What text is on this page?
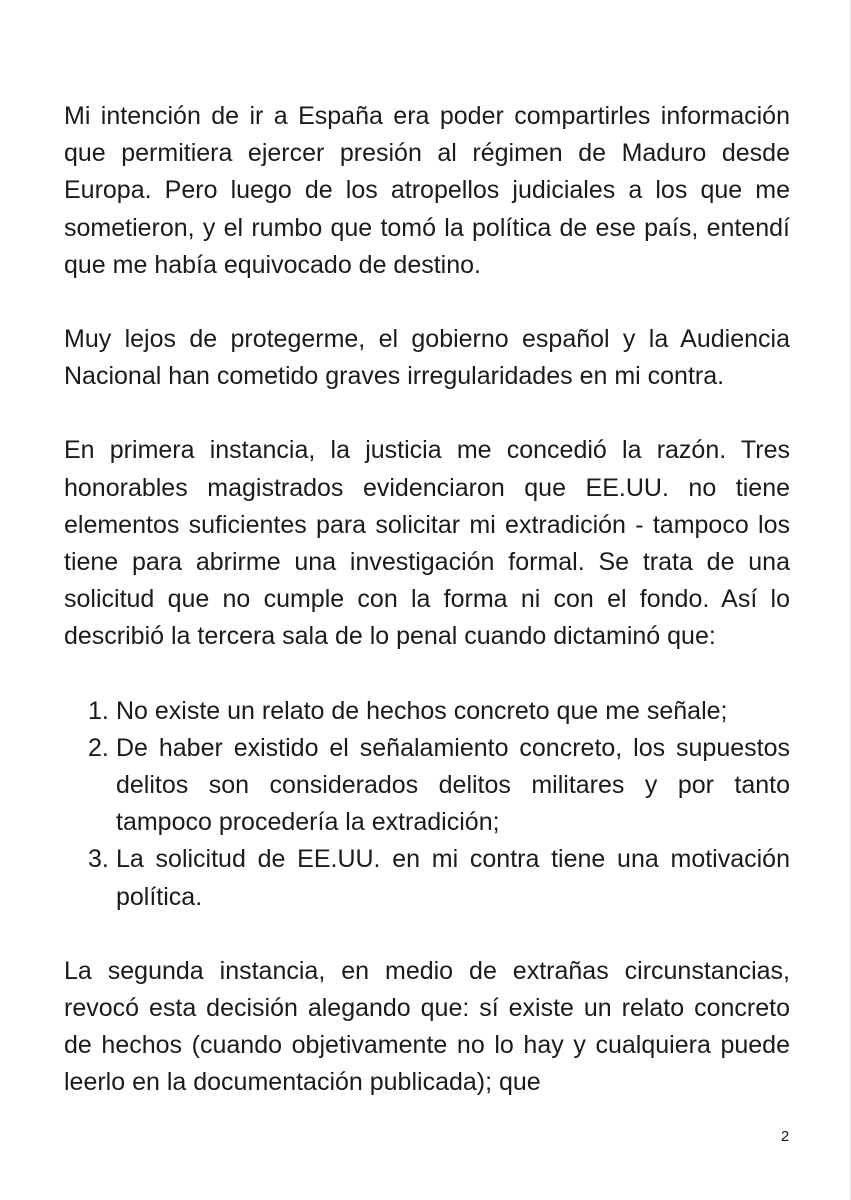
Mi intención de ir a España era poder compartirles información que permitiera ejercer presión al régimen de Maduro desde Europa. Pero luego de los atropellos judiciales a los que me sometieron, y el rumbo que tomó la política de ese país, entendí que me había equivocado de destino.

Muy lejos de protegerme, el gobierno español y la Audiencia Nacional han cometido graves irregularidades en mi contra.

En primera instancia, la justicia me concedió la razón. Tres honorables magistrados evidenciaron que EE.UU. no tiene elementos suficientes para solicitar mi extradición - tampoco los tiene para abrirme una investigación formal. Se trata de una solicitud que no cumple con la forma ni con el fondo. Así lo describió la tercera sala de lo penal cuando dictaminó que:

1. No existe un relato de hechos concreto que me señale;
2. De haber existido el señalamiento concreto, los supuestos delitos son considerados delitos militares y por tanto tampoco procedería la extradición;
3. La solicitud de EE.UU. en mi contra tiene una motivación política.

La segunda instancia, en medio de extrañas circunstancias, revocó esta decisión alegando que: sí existe un relato concreto de hechos (cuando objetivamente no lo hay y cualquiera puede leerlo en la documentación publicada); que

2
